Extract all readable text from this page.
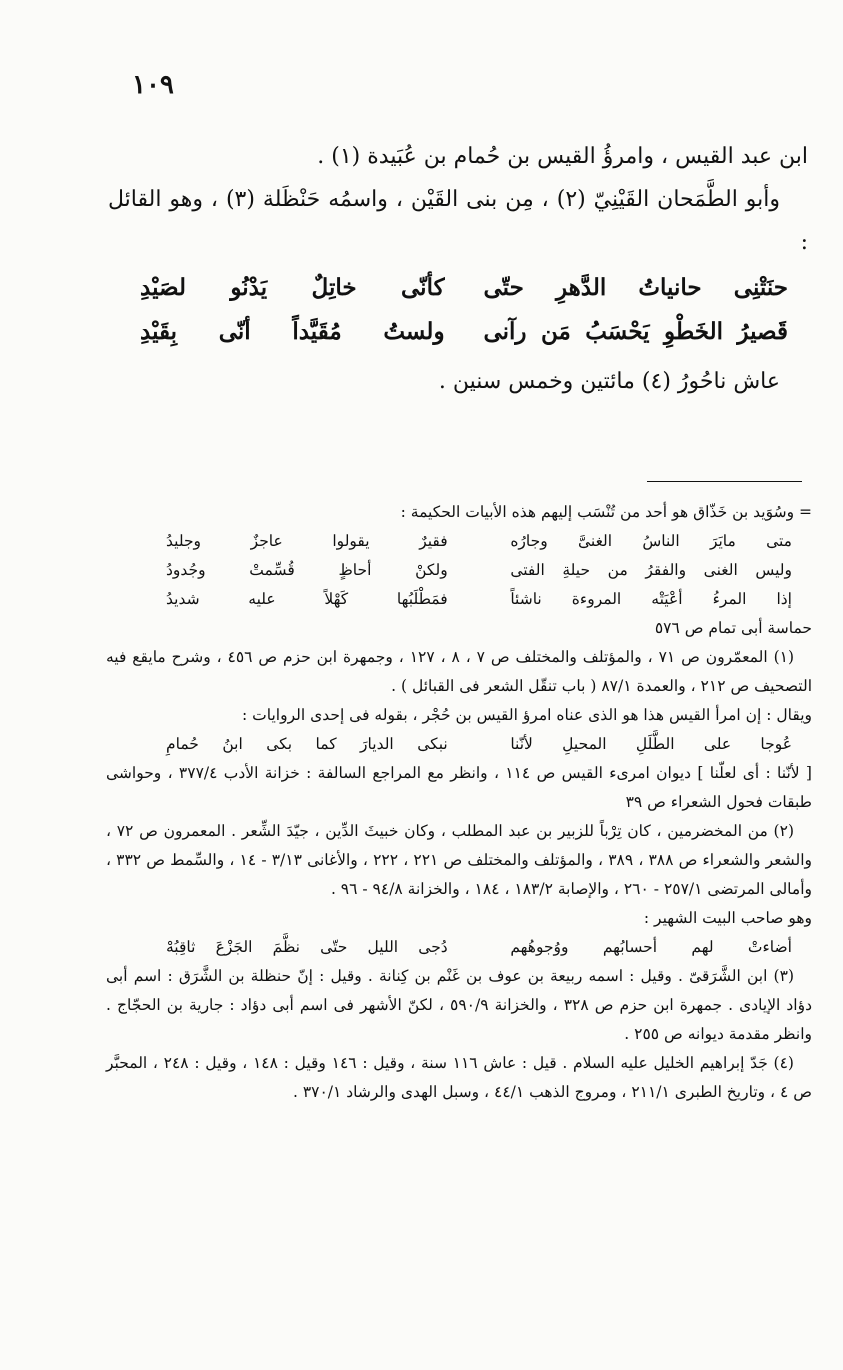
١٠٩

ابن عبد القيس ، وامرؤُ القيس بن حُمام بن عُبَيدة (١) .

وأبو الطَّمَحان القَيْنِيّ (٢) ، مِن بنى القَيْن ، واسمُه حَنْظَلة (٣) ، وهو القائل :

حنَتْنِى حانياتُ الدَّهرِ حتّى
كأنّى خاتِلٌ يَدْنُو لصَيْدِ
قَصيرُ الخَطْوِ يَحْسَبُ مَن رآنى
ولستُ مُقَيَّداً أنّى بِقَيْدِ

عاش ناحُورُ (٤) مائتين وخمس سنين .

= وسُوَيد بن خَذّاق هو أحد من تُنْسَب إليهم هذه الأبيات الحكيمة :

متى مايَرَ الناسُ الغنىَّ وجارُه
فقيرٌ يقولوا عاجزٌ وجليدُ
وليس الغنى والفقرُ من حيلةِ الفتى
ولكنْ أحاظٍ قُسِّمتْ وجُدودُ
إذا المرءُ أعْيَتْه المروءة ناشئاً
فمَطْلَبُها كَهْلاً عليه شديدُ

حماسة أبى تمام ص ٥٧٦

(١) المعمّرون ص ٧١ ، والمؤتلف والمختلف ص ٧ ، ٨ ، ١٢٧ ، وجمهرة ابن حزم ص ٤٥٦ ، وشرح مايقع فيه التصحيف ص ٢١٢ ، والعمدة ٨٧/١ ( باب تنقّل الشعر فى القبائل ) .

ويقال : إن امرأ القيس هذا هو الذى عناه امرؤ القيس بن حُجْر ، بقوله فى إحدى الروايات :

عُوجا على الطَّلَلِ المحيلِ لأنّنا
نبكى الديارَ كما بكى ابنُ حُمامِ

[ لأنّنا : أى لعلّنا ] ديوان امرىء القيس ص ١١٤ ، وانظر مع المراجع السالفة : خزانة الأدب ٣٧٧/٤ ، وحواشى طبقات فحول الشعراء ص ٣٩

(٢) من المخضرمين ، كان تِرْباً للزبير بن عبد المطلب ، وكان خبيثَ الدِّين ، جيّدَ الشِّعر . المعمرون ص ٧٢ ، والشعر والشعراء ص ٣٨٨ ، ٣٨٩ ، والمؤتلف والمختلف ص ٢٢١ ، ٢٢٢ ، والأغانى ٣/١٣ - ١٤ ، والسِّمط ص ٣٣٢ ، وأمالى المرتضى ٢٥٧/١ - ٢٦٠ ، والإصابة ١٨٣/٢ ، ١٨٤ ، والخزانة ٩٤/٨ - ٩٦ .

وهو صاحب البيت الشهير :

أضاءتْ لهم أحسابُهم ووُجوهُهم
دُجى الليل حتّى نظَّمَ الجَزْعَ ثاقِبُهْ

(٣) ابن الشَّرَقىّ . وقيل : اسمه ربيعة بن عوف بن غَنْم بن كِنانة . وقيل : إنّ حنظلة بن الشَّرَق : اسم أبى دؤاد الإيادى . جمهرة ابن حزم ص ٣٢٨ ، والخزانة ٥٩٠/٩ ، لكنّ الأشهر فى اسم أبى دؤاد : جارية بن الحجّاج . وانظر مقدمة ديوانه ص ٢٥٥ .

(٤) جَدّ إبراهيم الخليل عليه السلام . قيل : عاش ١١٦ سنة ، وقيل : ١٤٦ وقيل : ١٤٨ ، وقيل : ٢٤٨ ، المحبَّر ص ٤ ، وتاريخ الطبرى ٢١١/١ ، ومروج الذهب ٤٤/١ ، وسبل الهدى والرشاد ٣٧٠/١ .
